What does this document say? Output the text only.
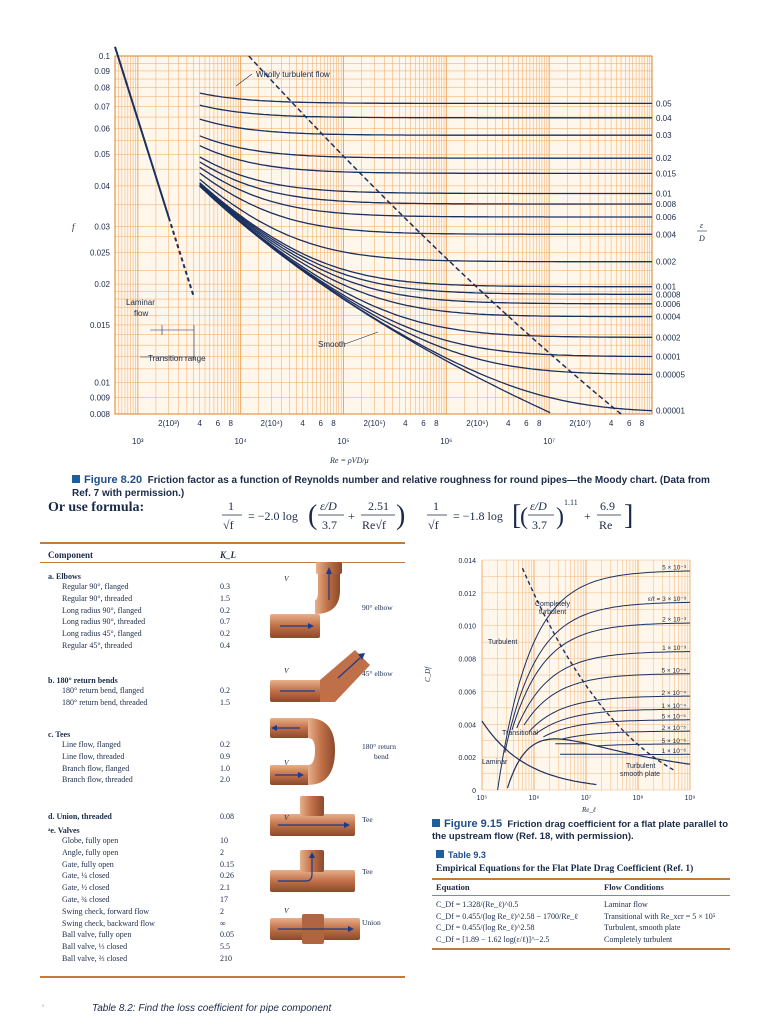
0.1
0.09
0.08
0.07
0.06
0.05
0.04
0.03
0.025
0.02
0.015
0.01
0.009
0.008
0.05
0.04
0.03
0.02
0.015
0.01
0.008
0.006
0.004
0.002
0.001
0.0008
0.0006
0.0004
0.0002
0.0001
0.00005
0.00001
2(10³) 4 6 8	2(10⁴) 4 6 8	2(10⁵) 4 6 8	2(10⁶) 4 6 8	2(10⁷) 4 6 8
10³	10⁴	10⁵	10⁶	10⁷
f	ε
D
Re = ρVD/μ
Wholly turbulent flow
Laminar
flow
Smooth
Transition range
Figure 8.20 Friction factor as a function of Reynolds number and relative roughness for round pipes—the Moody chart. (Data from Ref. 7 with permission.)
Or use formula:	1
√f
= −2.0 log ( ε/D
3.7
+
2.51
Re√f ) 1
√f
= −1.8 log [
( ε/D
3.7 )
1.11
+
6.9
Re ]
Component	K_L
a. Elbows
Regular 90°, flanged	0.3
Regular 90°, threaded	1.5
Long radius 90°, flanged	0.2
Long radius 90°, threaded	0.7
Long radius 45°, flanged	0.2
Regular 45°, threaded	0.4
b. 180° return bends
180° return bend, flanged	0.2
180° return bend, threaded	1.5
c. Tees
Line flow, flanged	0.2
Line flow, threaded	0.9
Branch flow, flanged	1.0
Branch flow, threaded	2.0
d. Union, threaded	0.08
ᵃe. Valves
Globe, fully open	10
Angle, fully open	2
Gate, fully open	0.15
Gate, ¼ closed	0.26
Gate, ½ closed	2.1
Gate, ¾ closed	17
Swing check, forward flow	2
Swing check, backward flow	∞
Ball valve, fully open	0.05
Ball valve, ⅓ closed	5.5
Ball valve, ⅔ closed	210
V
90° elbow
V	45° elbow
180° return
bend
V
V	Tee
Tee
V
Union
ᵃ	Table 8.2: Find the loss coefficient for pipe component
0.014
0.012
0.010
0.008
0.006
0.004
0.002
0
10⁵	10⁶	10⁷	10⁸	10⁹
5 × 10⁻³
ε/ℓ = 3 × 10⁻³
2 × 10⁻³
1 × 10⁻³
5 × 10⁻⁴
2 × 10⁻⁴
1 × 10⁻⁴
5 × 10⁻⁵
2 × 10⁻⁵
5 × 10⁻⁶
1 × 10⁻⁶
C_Df
Re_ℓ
Completely
turbulent
Turbulent
Transitional
Laminar
Turbulent
smooth plate
Figure 9.15 Friction drag coefficient for a flat plate parallel to the upstream flow (Ref. 18, with permission).
Table 9.3
Empirical Equations for the Flat Plate Drag Coefficient (Ref. 1)
Equation	Flow Conditions
C_Df = 1.328/(Re_ℓ)^0.5	Laminar flow
C_Df = 0.455/(log Re_ℓ)^2.58 − 1700/Re_ℓ	Transitional with Re_xcr = 5 × 10⁵
C_Df = 0.455/(log Re_ℓ)^2.58	Turbulent, smooth plate
C_Df = [1.89 − 1.62 log(ε/ℓ)]^−2.5	Completely turbulent
